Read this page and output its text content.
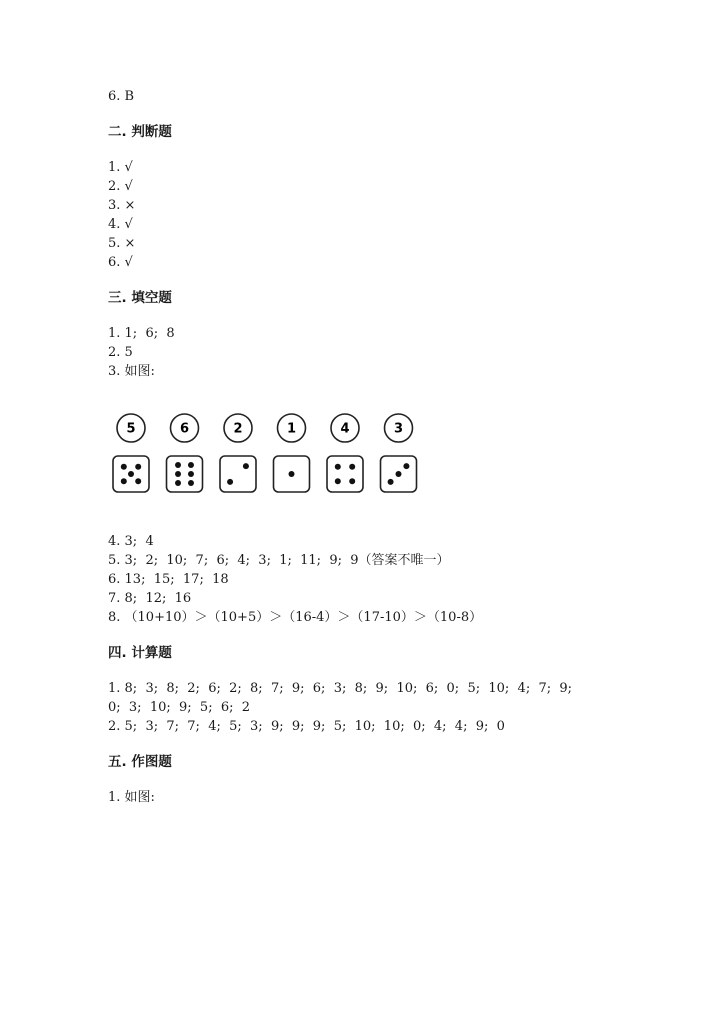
6. B
二. 判断题
1. √
2. √
3. ×
4. √
5. ×
6. √
三. 填空题
1. 1;  6;  8
2. 5
3. 如图:
5	6	2	1	4	3
4. 3;  4
5. 3;  2;  10;  7;  6;  4;  3;  1;  11;  9;  9（答案不唯一）
6. 13;  15;  17;  18
7. 8;  12;  16
8. （10+10）＞（10+5）＞（16-4）＞（17-10）＞（10-8）
四. 计算题
1. 8;  3;  8;  2;  6;  2;  8;  7;  9;  6;  3;  8;  9;  10;  6;  0;  5;  10;  4;  7;  9;
0;  3;  10;  9;  5;  6;  2
2. 5;  3;  7;  7;  4;  5;  3;  9;  9;  9;  5;  10;  10;  0;  4;  4;  9;  0
五. 作图题
1. 如图:
